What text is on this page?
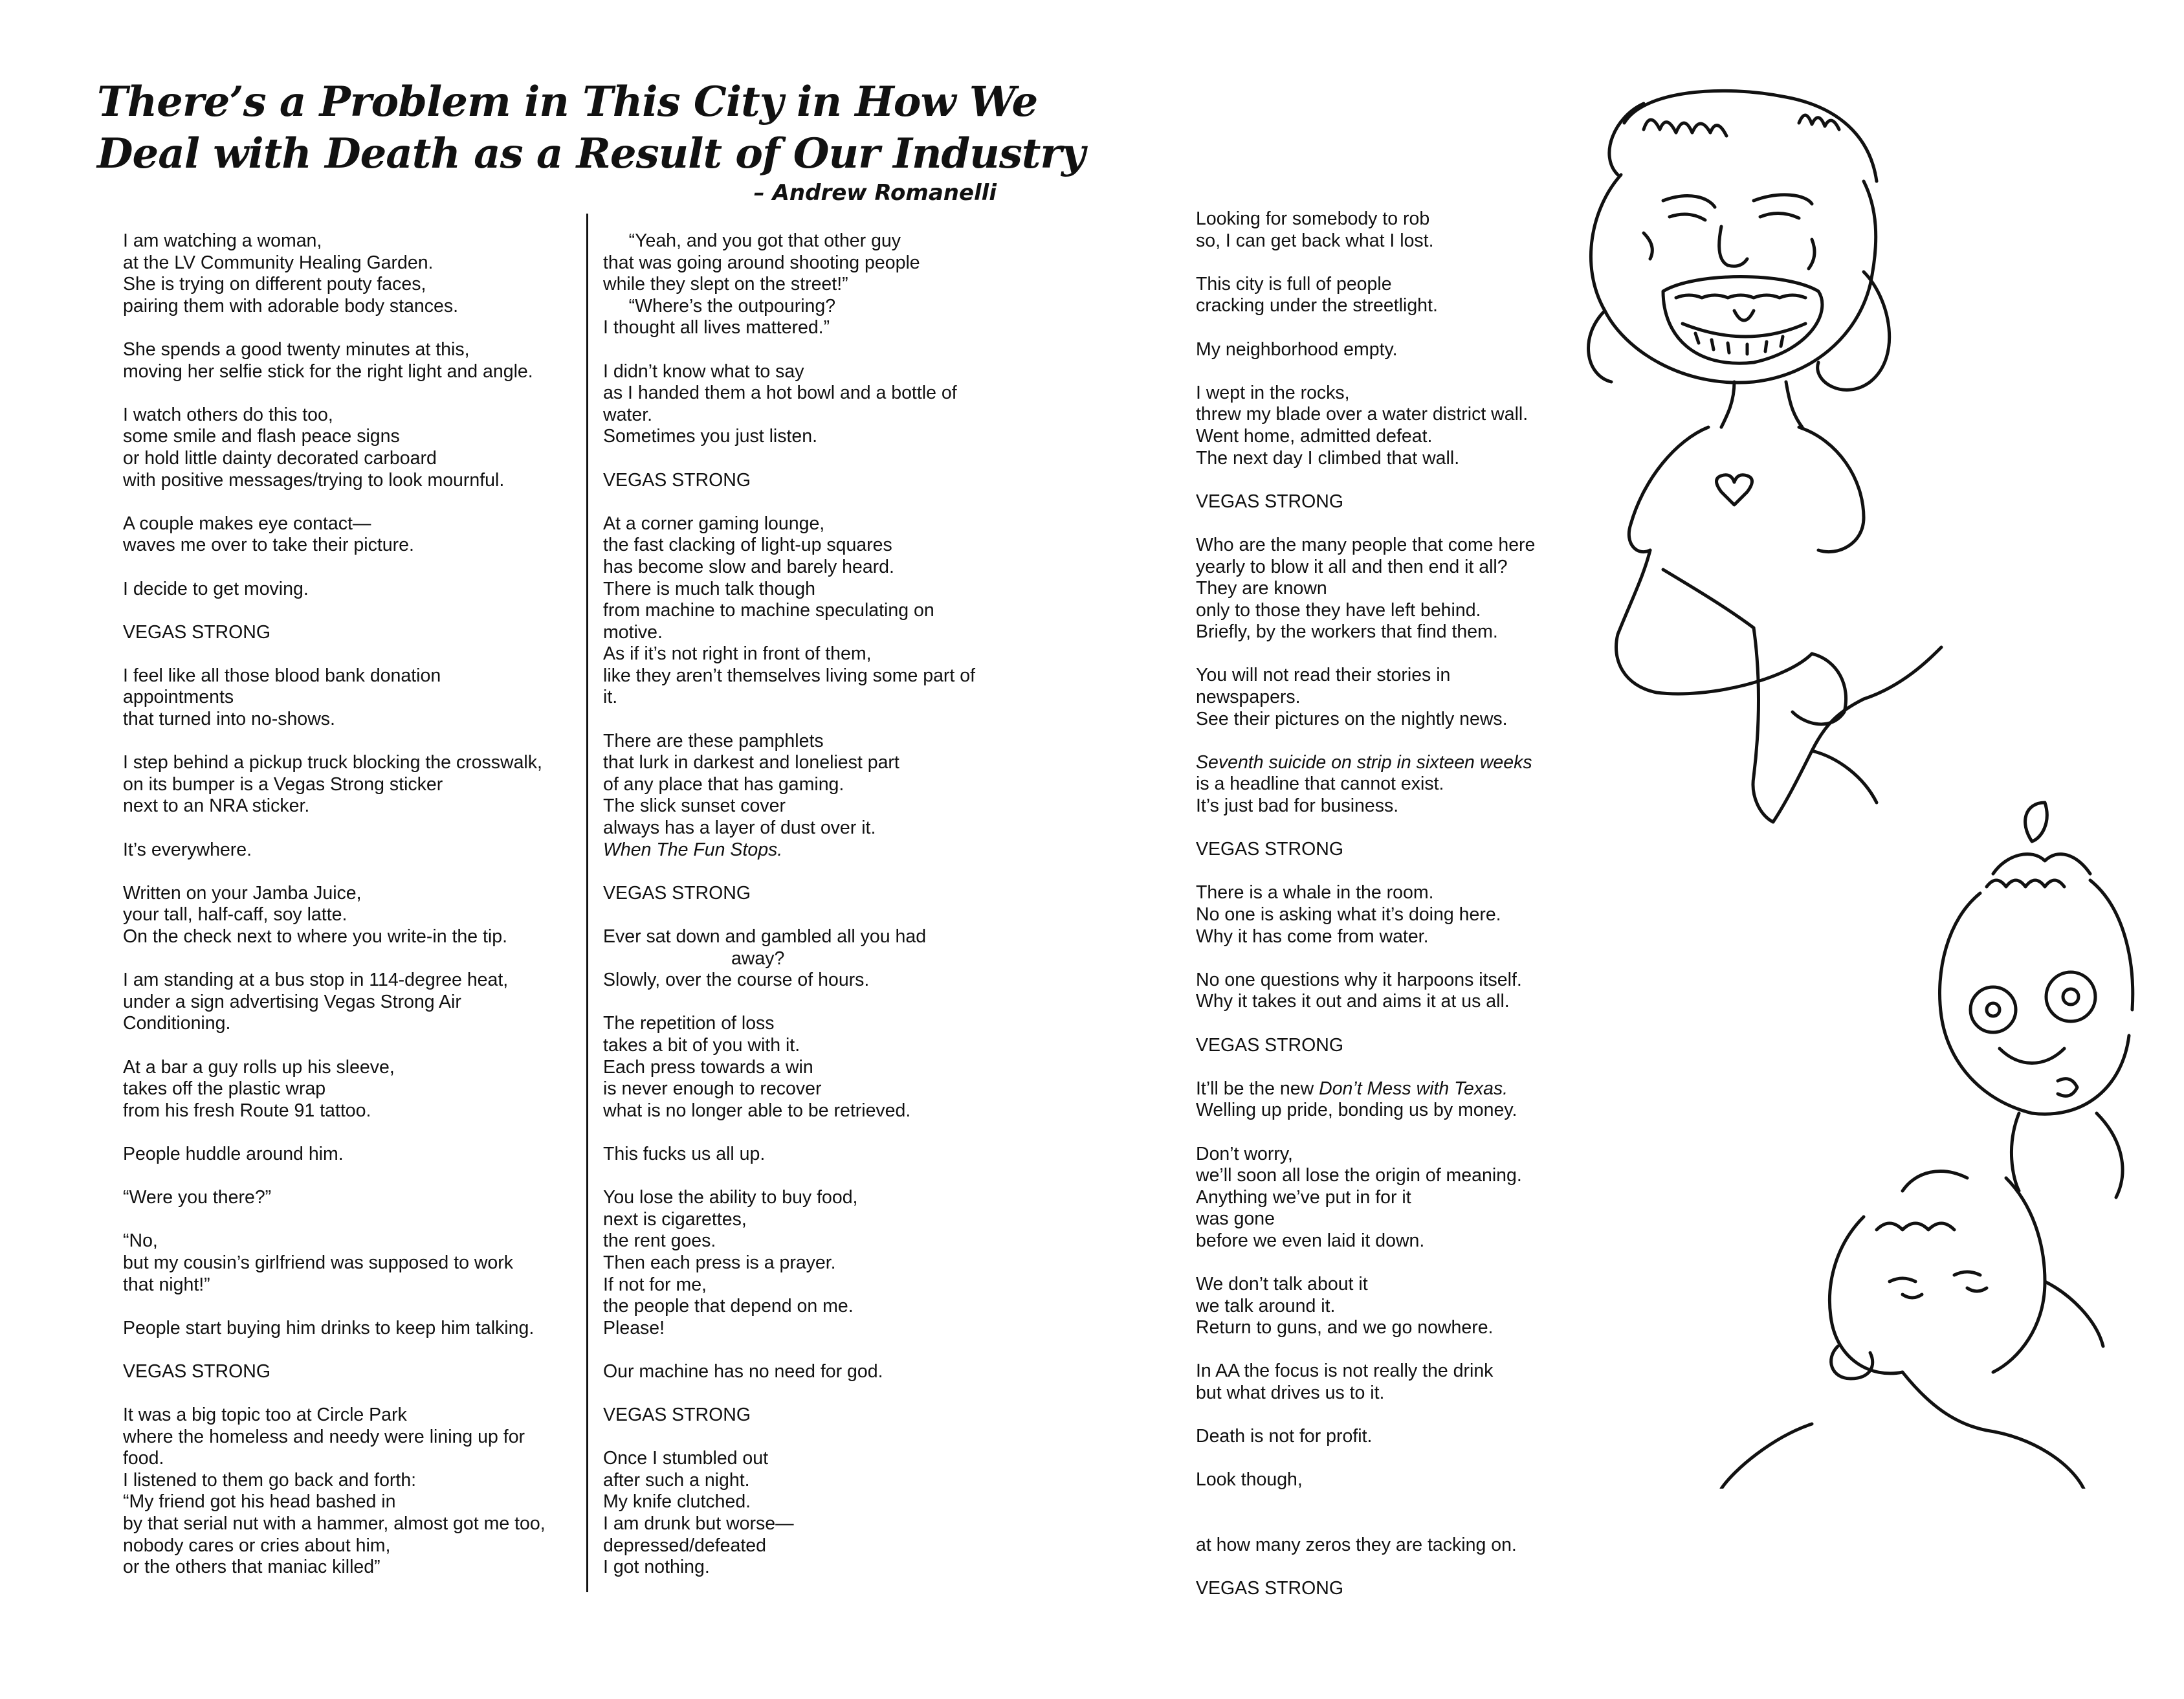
There’s a Problem in This City in How We
Deal with Death as a Result of Our Industry
– Andrew Romanelli
I am watching a woman,
at the LV Community Healing Garden.
She is trying on different pouty faces,
pairing them with adorable body stances.
She spends a good twenty minutes at this,
moving her selfie stick for the right light and angle.
I watch others do this too,
some smile and flash peace signs
or hold little dainty decorated carboard
with positive messages/trying to look mournful.
A couple makes eye contact—
waves me over to take their picture.
I decide to get moving.
VEGAS STRONG
I feel like all those blood bank donation
appointments
that turned into no-shows.
I step behind a pickup truck blocking the crosswalk,
on its bumper is a Vegas Strong sticker
next to an NRA sticker.
It’s everywhere.
Written on your Jamba Juice,
your tall, half-caff, soy latte.
On the check next to where you write-in the tip.
I am standing at a bus stop in 114-degree heat,
under a sign advertising Vegas Strong Air
Conditioning.
At a bar a guy rolls up his sleeve,
takes off the plastic wrap
from his fresh Route 91 tattoo.
People huddle around him.
“Were you there?”
“No,
but my cousin’s girlfriend was supposed to work
that night!”
People start buying him drinks to keep him talking.
VEGAS STRONG
It was a big topic too at Circle Park
where the homeless and needy were lining up for
food.
I listened to them go back and forth:
“My friend got his head bashed in
by that serial nut with a hammer, almost got me too,
nobody cares or cries about him,
or the others that maniac killed”
“Yeah, and you got that other guy
that was going around shooting people
while they slept on the street!”
“Where’s the outpouring?
I thought all lives mattered.”
I didn’t know what to say
as I handed them a hot bowl and a bottle of
water.
Sometimes you just listen.
VEGAS STRONG
At a corner gaming lounge,
the fast clacking of light-up squares
has become slow and barely heard.
There is much talk though
from machine to machine speculating on
motive.
As if it’s not right in front of them,
like they aren’t themselves living some part of
it.
There are these pamphlets
that lurk in darkest and loneliest part
of any place that has gaming.
The slick sunset cover
always has a layer of dust over it.
When The Fun Stops.
VEGAS STRONG
Ever sat down and gambled all you had
away?
Slowly, over the course of hours.
The repetition of loss
takes a bit of you with it.
Each press towards a win
is never enough to recover
what is no longer able to be retrieved.
This fucks us all up.
You lose the ability to buy food,
next is cigarettes,
the rent goes.
Then each press is a prayer.
If not for me,
the people that depend on me.
Please!
Our machine has no need for god.
VEGAS STRONG
Once I stumbled out
after such a night.
My knife clutched.
I am drunk but worse—
depressed/defeated
I got nothing.
Looking for somebody to rob
so, I can get back what I lost.
This city is full of people
cracking under the streetlight.
My neighborhood empty.
I wept in the rocks,
threw my blade over a water district wall.
Went home, admitted defeat.
The next day I climbed that wall.
VEGAS STRONG
Who are the many people that come here
yearly to blow it all and then end it all?
They are known
only to those they have left behind.
Briefly, by the workers that find them.
You will not read their stories in
newspapers.
See their pictures on the nightly news.
Seventh suicide on strip in sixteen weeks
is a headline that cannot exist.
It’s just bad for business.
VEGAS STRONG
There is a whale in the room.
No one is asking what it’s doing here.
Why it has come from water.
No one questions why it harpoons itself.
Why it takes it out and aims it at us all.
VEGAS STRONG
It’ll be the new Don’t Mess with Texas.
Welling up pride, bonding us by money.
Don’t worry,
we’ll soon all lose the origin of meaning.
Anything we’ve put in for it
was gone
before we even laid it down.
We don’t talk about it
we talk around it.
Return to guns, and we go nowhere.
In AA the focus is not really the drink
but what drives us to it.
Death is not for profit.
Look though,
at how many zeros they are tacking on.
VEGAS STRONG
